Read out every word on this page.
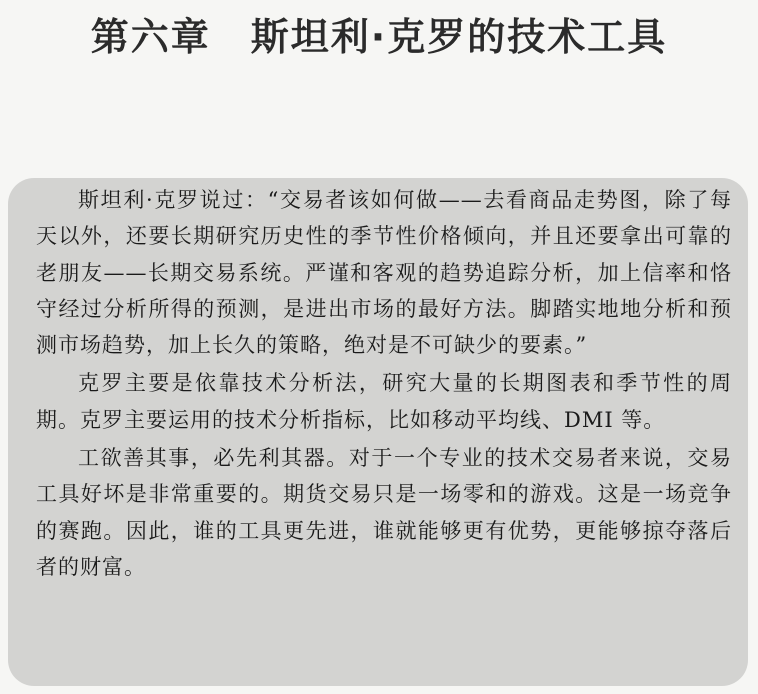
第六章　斯坦利·克罗的技术工具

斯坦利·克罗说过：“交易者该如何做——去看商品走势图，除了每天以外，还要长期研究历史性的季节性价格倾向，并且还要拿出可靠的老朋友——长期交易系统。严谨和客观的趋势追踪分析，加上信率和恪守经过分析所得的预测，是进出市场的最好方法。脚踏实地地分析和预测市场趋势，加上长久的策略，绝对是不可缺少的要素。”

克罗主要是依靠技术分析法，研究大量的长期图表和季节性的周期。克罗主要运用的技术分析指标，比如移动平均线、DMI 等。

工欲善其事，必先利其器。对于一个专业的技术交易者来说，交易工具好坏是非常重要的。期货交易只是一场零和的游戏。这是一场竞争的赛跑。因此，谁的工具更先进，谁就能够更有优势，更能够掠夺落后者的财富。
